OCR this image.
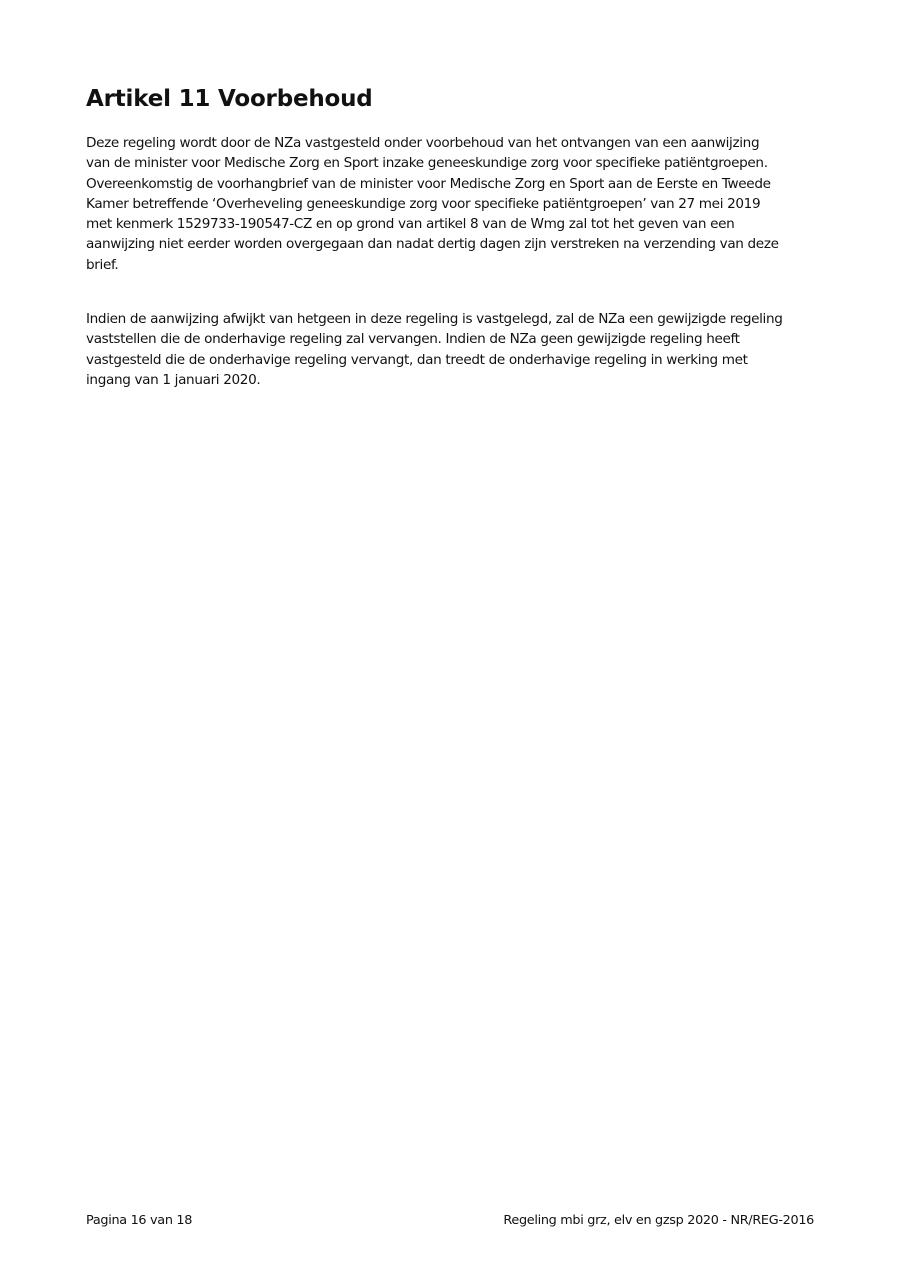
Artikel 11 Voorbehoud

Deze regeling wordt door de NZa vastgesteld onder voorbehoud van het ontvangen van een aanwijzing
van de minister voor Medische Zorg en Sport inzake geneeskundige zorg voor specifieke patiëntgroepen.
Overeenkomstig de voorhangbrief van de minister voor Medische Zorg en Sport aan de Eerste en Tweede
Kamer betreffende ‘Overheveling geneeskundige zorg voor specifieke patiëntgroepen’ van 27 mei 2019
met kenmerk 1529733-190547-CZ en op grond van artikel 8 van de Wmg zal tot het geven van een
aanwijzing niet eerder worden overgegaan dan nadat dertig dagen zijn verstreken na verzending van deze
brief.

Indien de aanwijzing afwijkt van hetgeen in deze regeling is vastgelegd, zal de NZa een gewijzigde regeling
vaststellen die de onderhavige regeling zal vervangen. Indien de NZa geen gewijzigde regeling heeft
vastgesteld die de onderhavige regeling vervangt, dan treedt de onderhavige regeling in werking met
ingang van 1 januari 2020.

Pagina 16 van 18	Regeling mbi grz, elv en gzsp 2020 - NR/REG-2016
